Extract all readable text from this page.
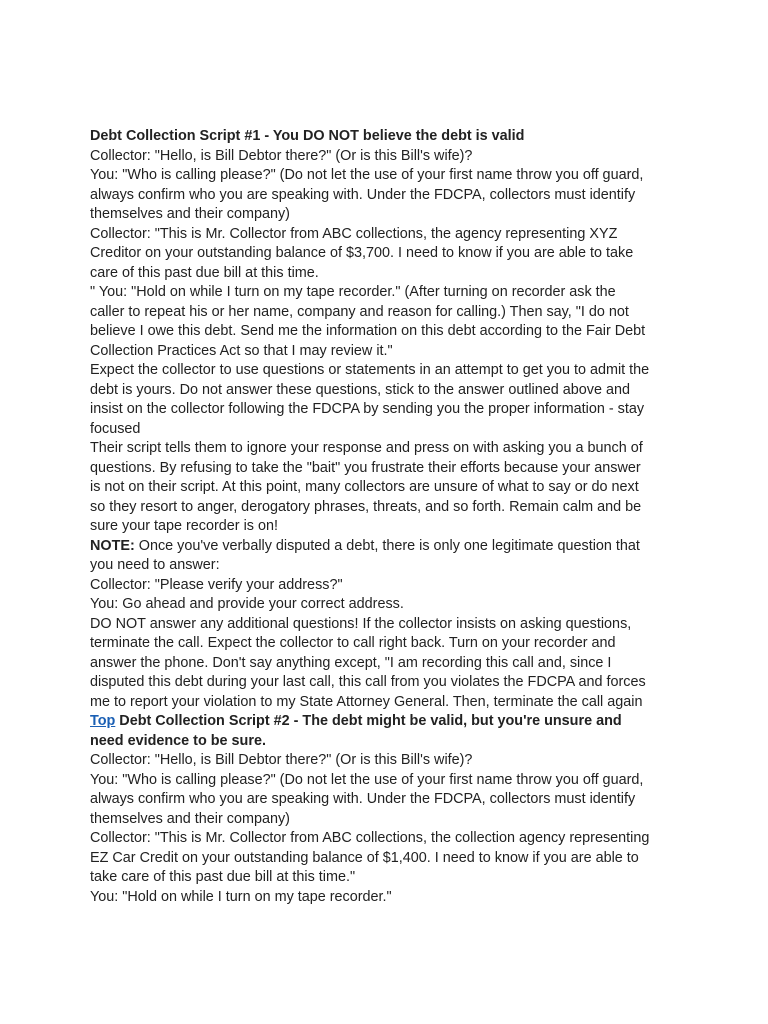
Debt Collection Script #1 - You DO NOT believe the debt is valid
Collector: "Hello, is Bill Debtor there?" (Or is this Bill's wife)?
You: "Who is calling please?" (Do not let the use of your first name throw you off guard,
always confirm who you are speaking with. Under the FDCPA, collectors must identify
themselves and their company)
Collector: "This is Mr. Collector from ABC collections, the agency representing XYZ
Creditor on your outstanding balance of $3,700. I need to know if you are able to take
care of this past due bill at this time.
" You: "Hold on while I turn on my tape recorder." (After turning on recorder ask the
caller to repeat his or her name, company and reason for calling.) Then say, "I do not
believe I owe this debt. Send me the information on this debt according to the Fair Debt
Collection Practices Act so that I may review it."
Expect the collector to use questions or statements in an attempt to get you to admit the
debt is yours. Do not answer these questions, stick to the answer outlined above and
insist on the collector following the FDCPA by sending you the proper information - stay
focused
Their script tells them to ignore your response and press on with asking you a bunch of
questions. By refusing to take the "bait" you frustrate their efforts because your answer
is not on their script. At this point, many collectors are unsure of what to say or do next
so they resort to anger, derogatory phrases, threats, and so forth. Remain calm and be
sure your tape recorder is on!
NOTE: Once you've verbally disputed a debt, there is only one legitimate question that
you need to answer:
Collector: "Please verify your address?"
You: Go ahead and provide your correct address.
DO NOT answer any additional questions! If the collector insists on asking questions,
terminate the call. Expect the collector to call right back. Turn on your recorder and
answer the phone. Don't say anything except, "I am recording this call and, since I
disputed this debt during your last call, this call from you violates the FDCPA and forces
me to report your violation to my State Attorney General. Then, terminate the call again
Top Debt Collection Script #2 - The debt might be valid, but you're unsure and
need evidence to be sure.
Collector: "Hello, is Bill Debtor there?" (Or is this Bill's wife)?
You: "Who is calling please?" (Do not let the use of your first name throw you off guard,
always confirm who you are speaking with. Under the FDCPA, collectors must identify
themselves and their company)
Collector: "This is Mr. Collector from ABC collections, the collection agency representing
EZ Car Credit on your outstanding balance of $1,400. I need to know if you are able to
take care of this past due bill at this time."
You: "Hold on while I turn on my tape recorder."
